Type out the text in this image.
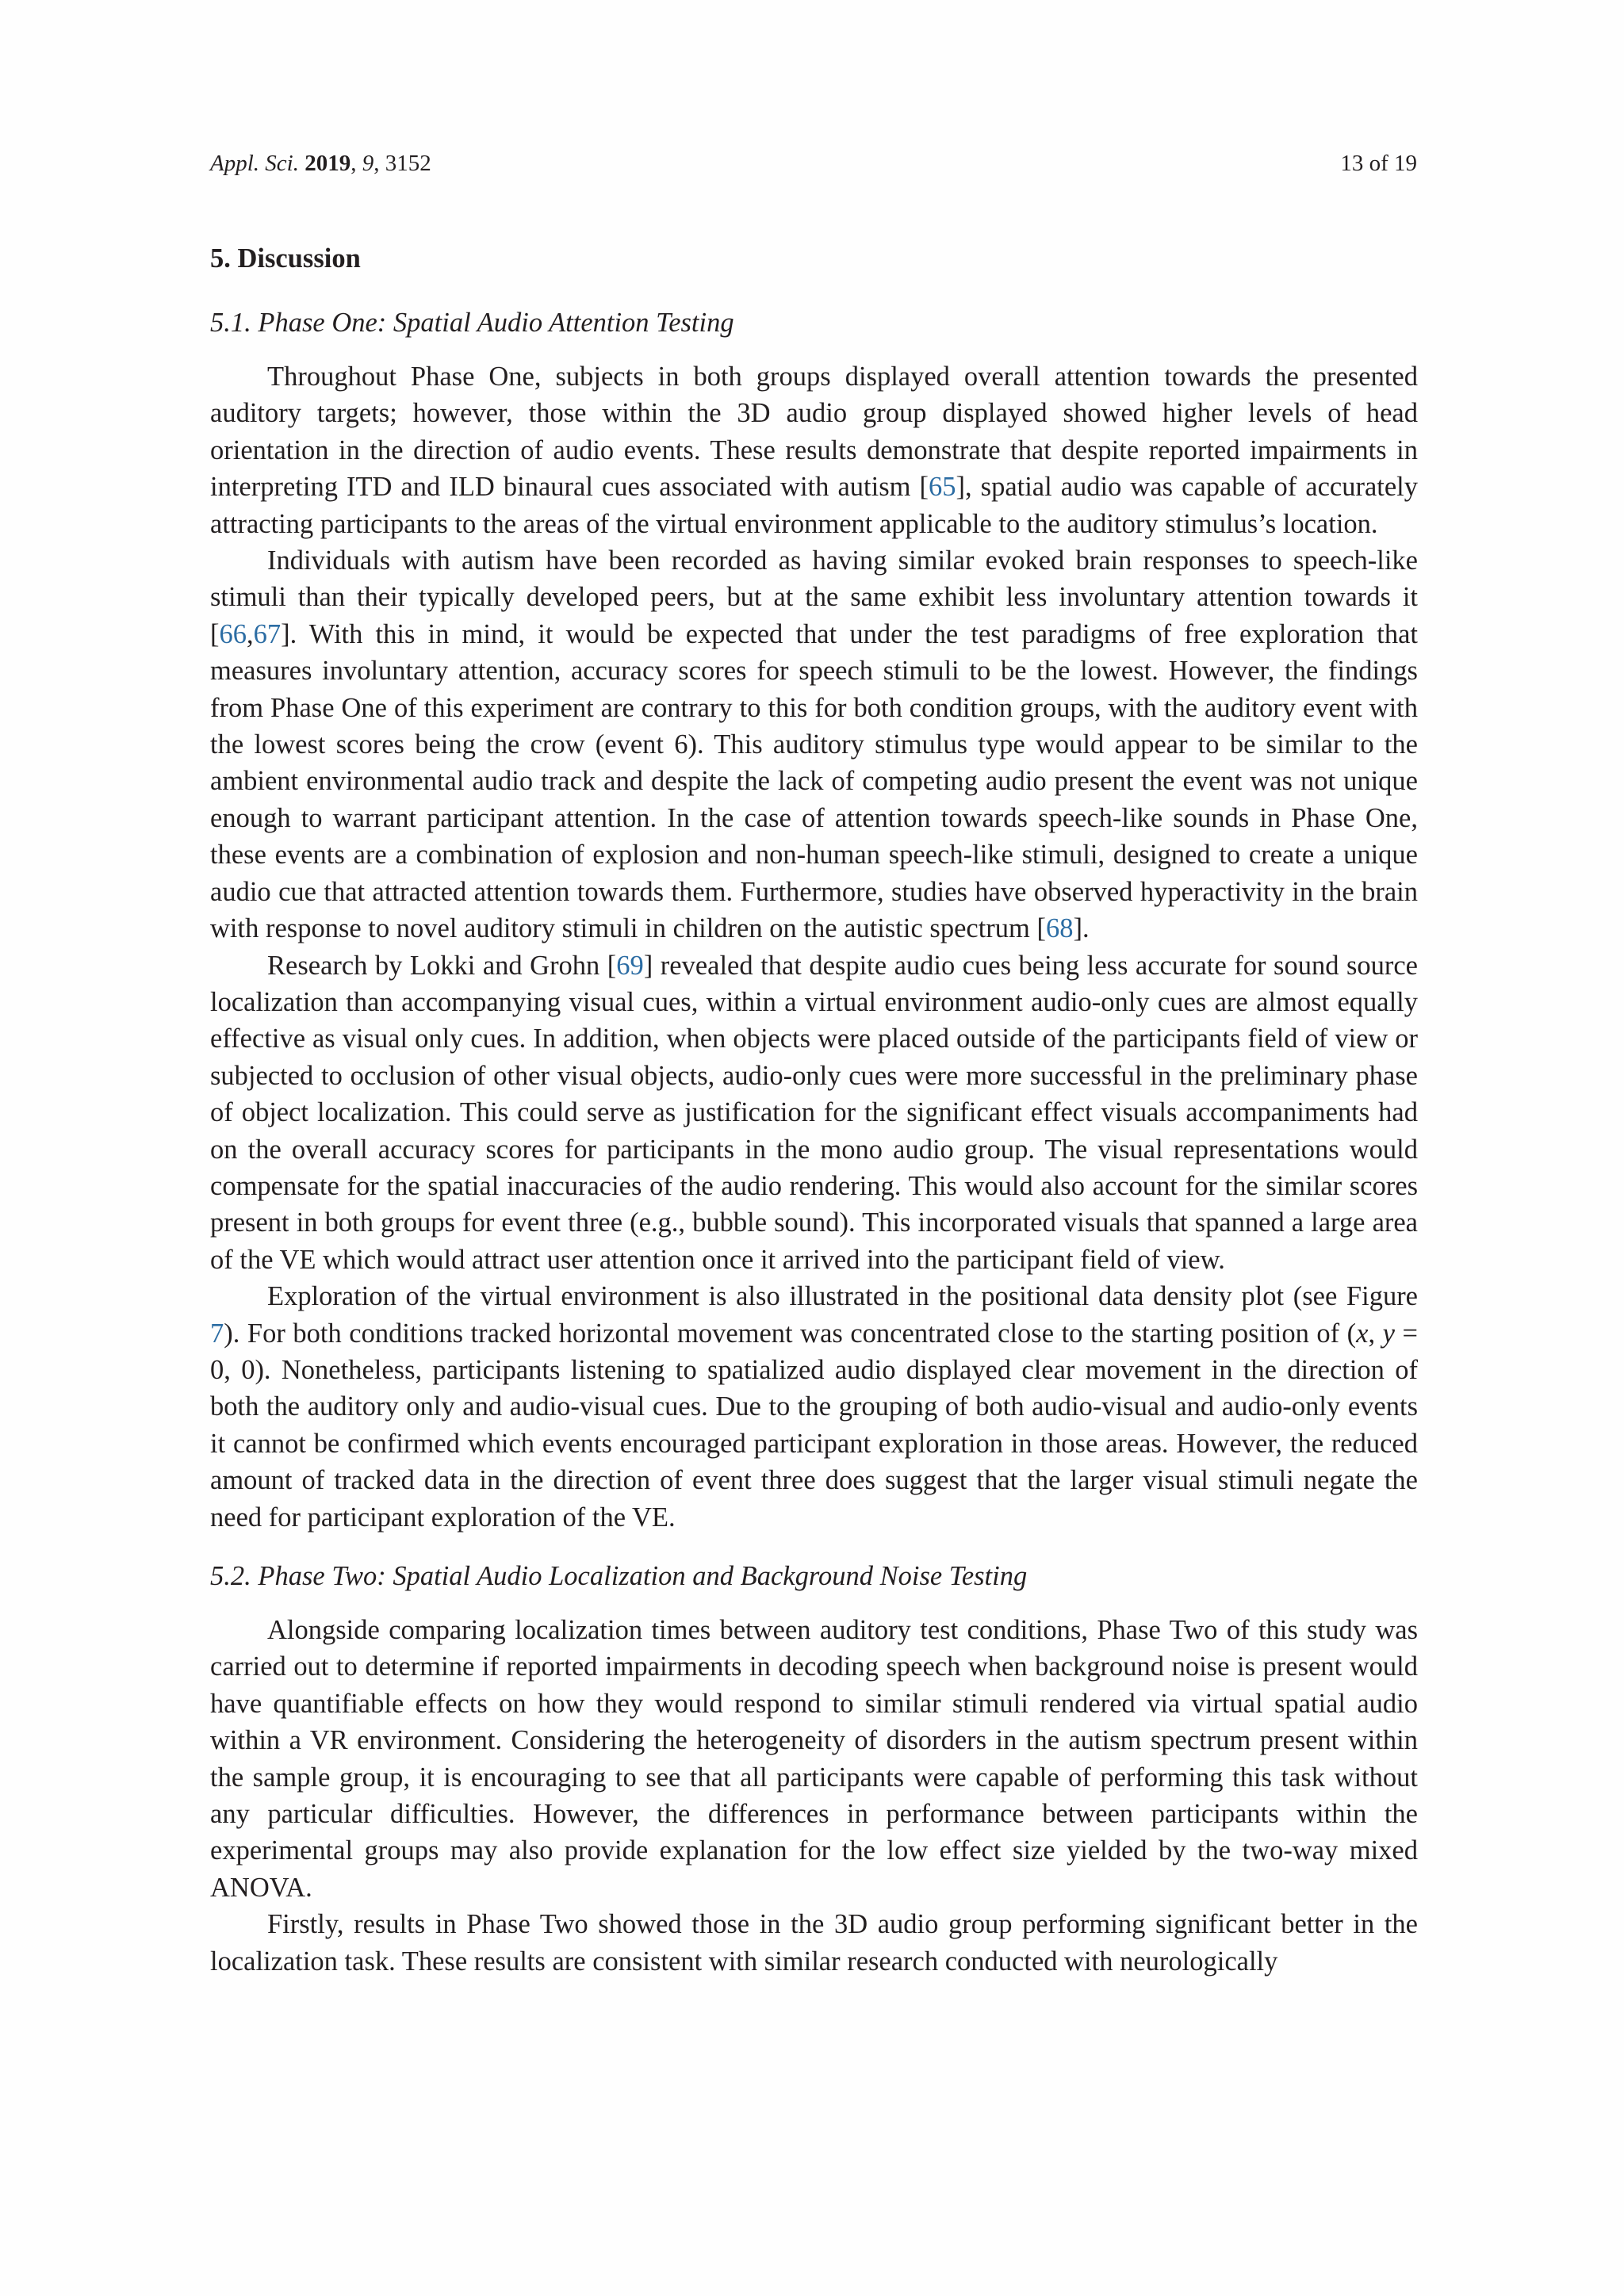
Appl. Sci. 2019, 9, 3152	13 of 19
5. Discussion
5.1. Phase One: Spatial Audio Attention Testing

Throughout Phase One, subjects in both groups displayed overall attention towards the presented auditory targets; however, those within the 3D audio group displayed showed higher levels of head orientation in the direction of audio events. These results demonstrate that despite reported impairments in interpreting ITD and ILD binaural cues associated with autism [65], spatial audio was capable of accurately attracting participants to the areas of the virtual environment applicable to the auditory stimulus’s location.

Individuals with autism have been recorded as having similar evoked brain responses to speech-like stimuli than their typically developed peers, but at the same exhibit less involuntary attention towards it [66,67]. With this in mind, it would be expected that under the test paradigms of free exploration that measures involuntary attention, accuracy scores for speech stimuli to be the lowest. However, the findings from Phase One of this experiment are contrary to this for both condition groups, with the auditory event with the lowest scores being the crow (event 6). This auditory stimulus type would appear to be similar to the ambient environmental audio track and despite the lack of competing audio present the event was not unique enough to warrant participant attention. In the case of attention towards speech-like sounds in Phase One, these events are a combination of explosion and non-human speech-like stimuli, designed to create a unique audio cue that attracted attention towards them. Furthermore, studies have observed hyperactivity in the brain with response to novel auditory stimuli in children on the autistic spectrum [68].

Research by Lokki and Grohn [69] revealed that despite audio cues being less accurate for sound source localization than accompanying visual cues, within a virtual environment audio-only cues are almost equally effective as visual only cues. In addition, when objects were placed outside of the participants field of view or subjected to occlusion of other visual objects, audio-only cues were more successful in the preliminary phase of object localization. This could serve as justification for the significant effect visuals accompaniments had on the overall accuracy scores for participants in the mono audio group. The visual representations would compensate for the spatial inaccuracies of the audio rendering. This would also account for the similar scores present in both groups for event three (e.g., bubble sound). This incorporated visuals that spanned a large area of the VE which would attract user attention once it arrived into the participant field of view.

Exploration of the virtual environment is also illustrated in the positional data density plot (see Figure 7). For both conditions tracked horizontal movement was concentrated close to the starting position of (x, y = 0, 0). Nonetheless, participants listening to spatialized audio displayed clear movement in the direction of both the auditory only and audio-visual cues. Due to the grouping of both audio-visual and audio-only events it cannot be confirmed which events encouraged participant exploration in those areas. However, the reduced amount of tracked data in the direction of event three does suggest that the larger visual stimuli negate the need for participant exploration of the VE.

5.2. Phase Two: Spatial Audio Localization and Background Noise Testing

Alongside comparing localization times between auditory test conditions, Phase Two of this study was carried out to determine if reported impairments in decoding speech when background noise is present would have quantifiable effects on how they would respond to similar stimuli rendered via virtual spatial audio within a VR environment. Considering the heterogeneity of disorders in the autism spectrum present within the sample group, it is encouraging to see that all participants were capable of performing this task without any particular difficulties. However, the differences in performance between participants within the experimental groups may also provide explanation for the low effect size yielded by the two-way mixed ANOVA.

Firstly, results in Phase Two showed those in the 3D audio group performing significant better in the localization task. These results are consistent with similar research conducted with neurologically
